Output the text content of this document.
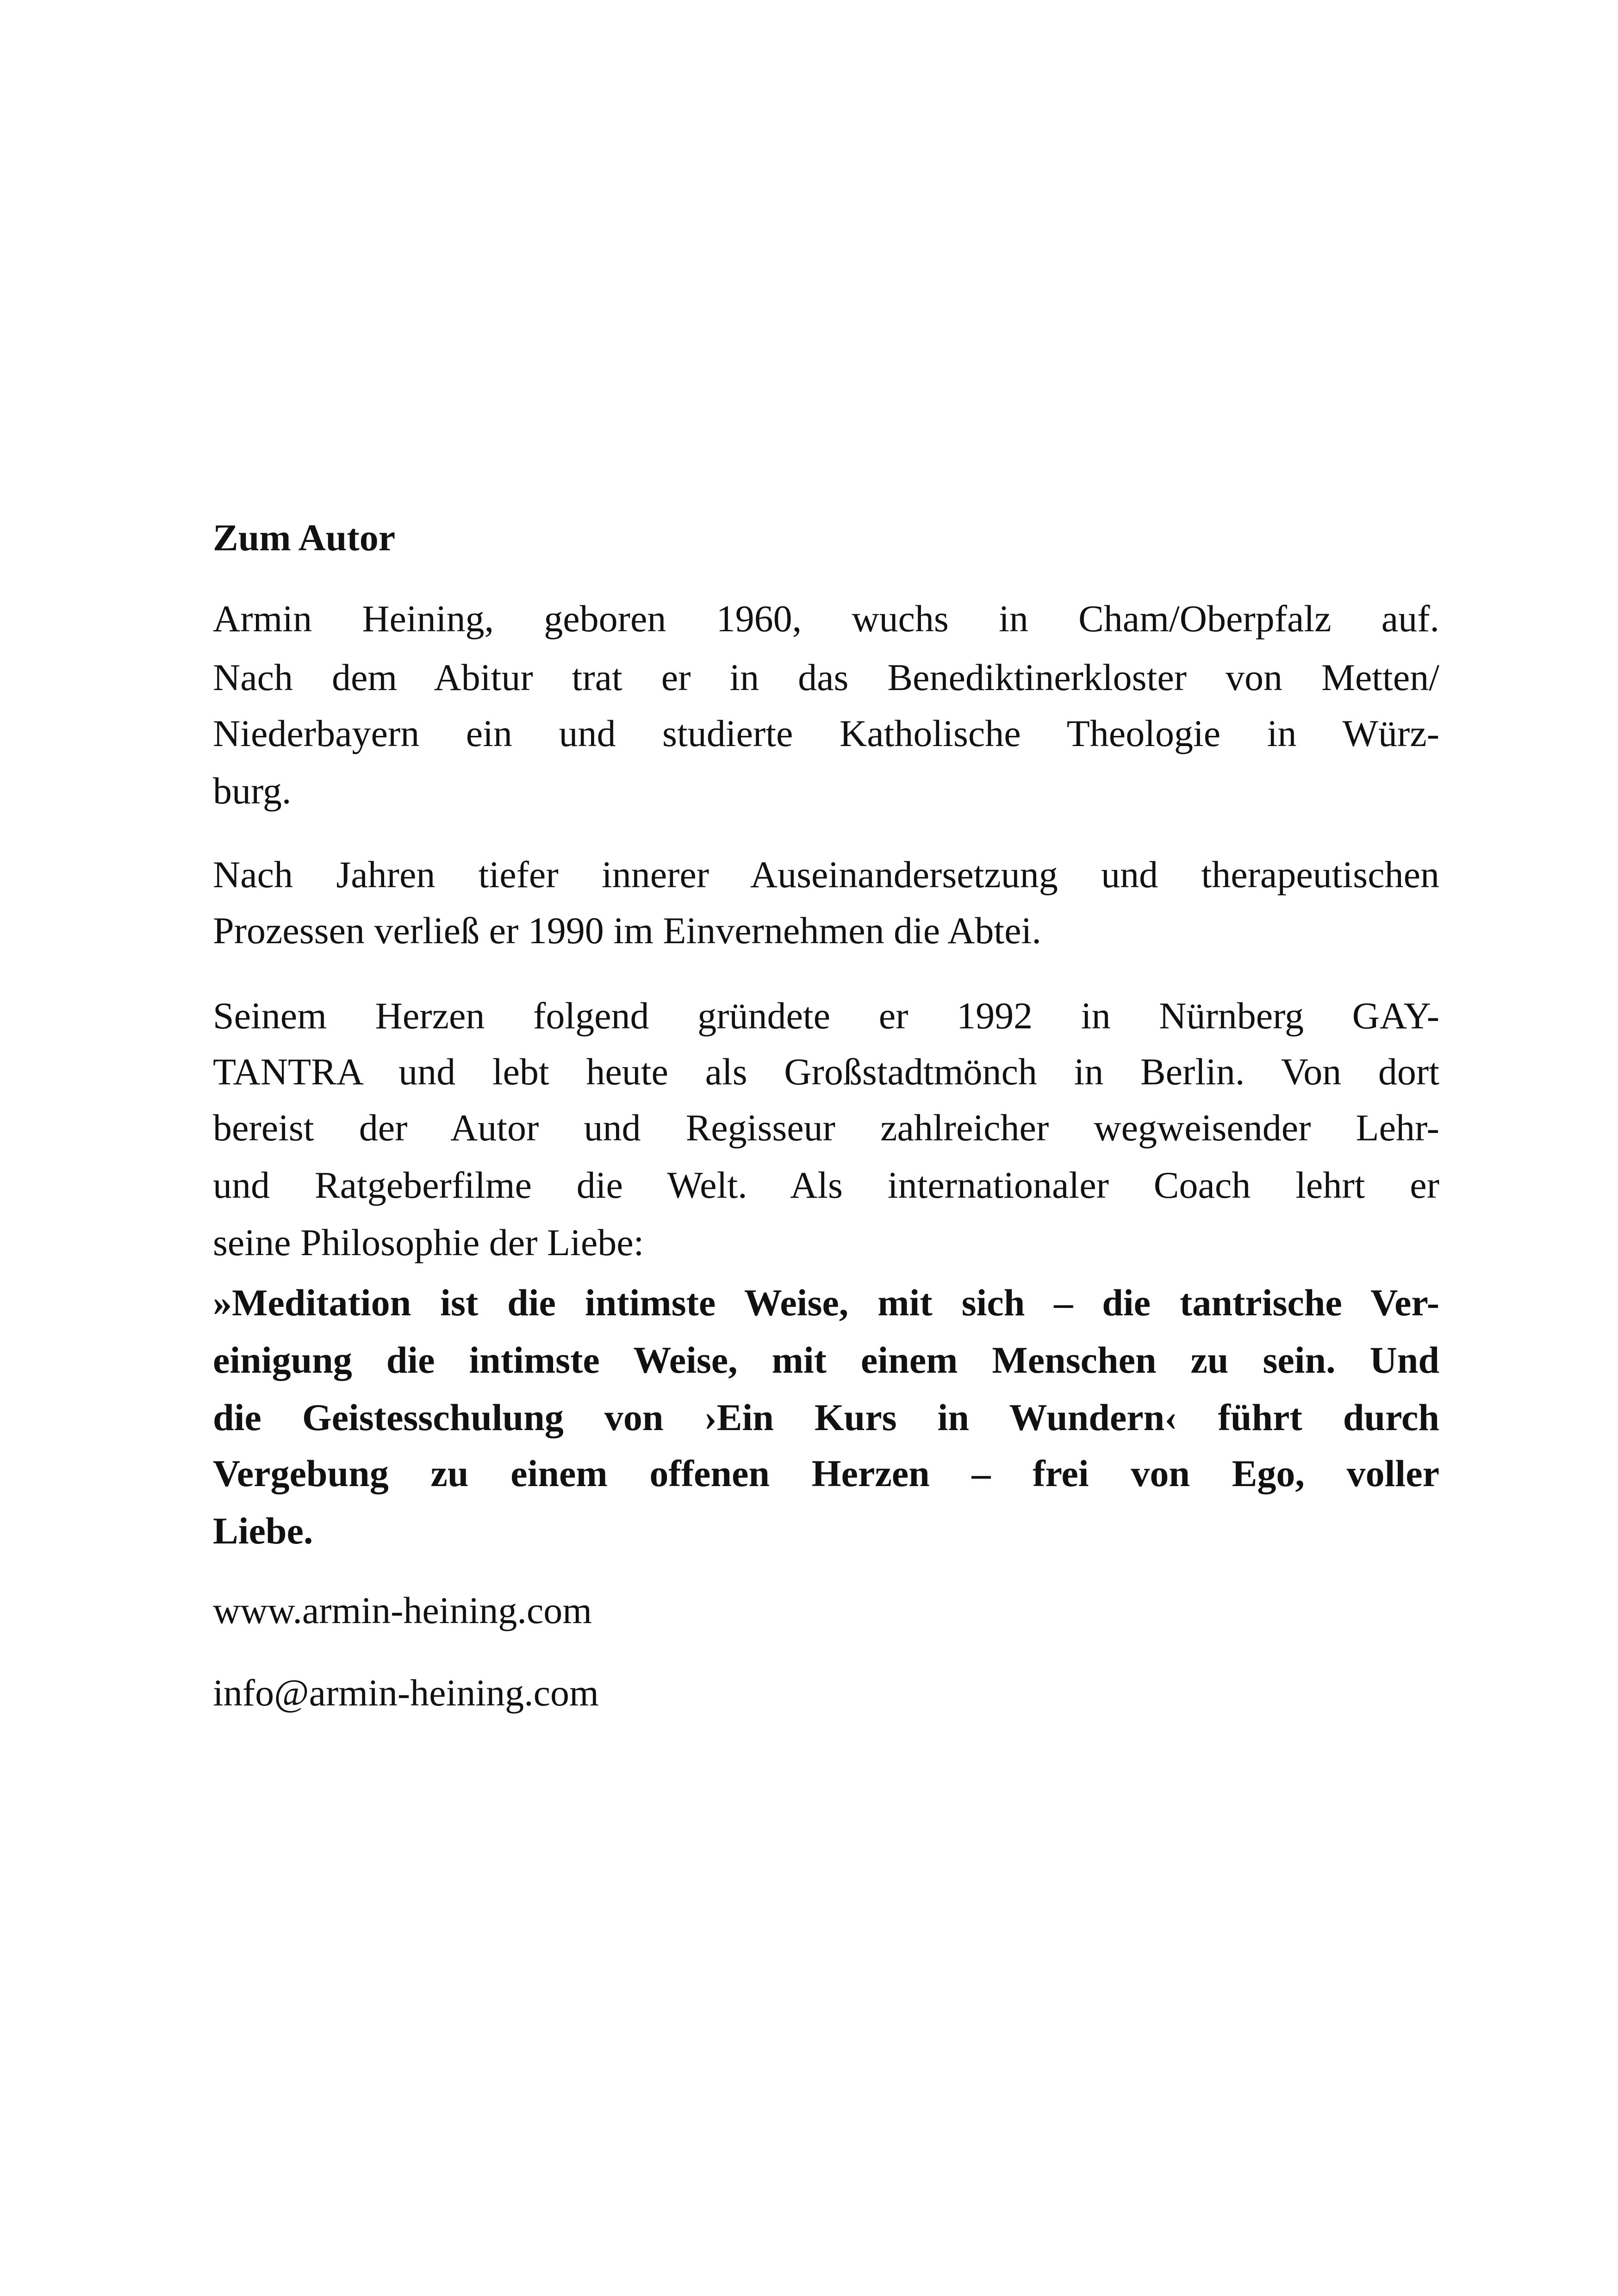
Zum Autor
Armin Heining, geboren 1960, wuchs in Cham/Oberpfalz auf.
Nach dem Abitur trat er in das Benediktinerkloster von Metten/
Niederbayern ein und studierte Katholische Theologie in Würz-
burg.
Nach Jahren tiefer innerer Auseinandersetzung und therapeutischen
Prozessen verließ er 1990 im Einvernehmen die Abtei.
Seinem Herzen folgend gründete er 1992 in Nürnberg GAY-
TANTRA und lebt heute als Großstadtmönch in Berlin. Von dort
bereist der Autor und Regisseur zahlreicher wegweisender Lehr-
und Ratgeberfilme die Welt. Als internationaler Coach lehrt er
seine Philosophie der Liebe:
»Meditation ist die intimste Weise, mit sich – die tantrische Ver-
einigung die intimste Weise, mit einem Menschen zu sein. Und
die Geistesschulung von ›Ein Kurs in Wundern‹ führt durch
Vergebung zu einem offenen Herzen – frei von Ego, voller
Liebe.
www.armin-heining.com
info@armin-heining.com
